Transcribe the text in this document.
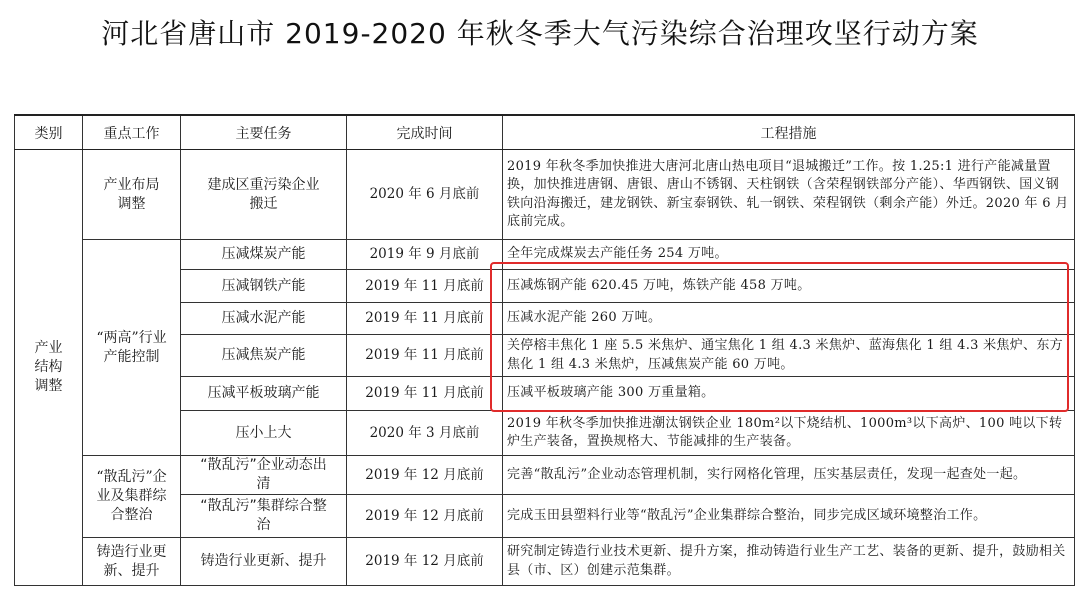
河北省唐山市 2019-2020 年秋冬季大气污染综合治理攻坚行动方案
类别	重点工作	主要任务	完成时间	工程措施
产业结构调整	产业布局调整	建成区重污染企业搬迁	2020 年 6 月底前	2019 年秋冬季加快推进大唐河北唐山热电项目“退城搬迁”工作。按 1.25:1 进行产能减量置换，加快推进唐钢、唐银、唐山不锈钢、天柱钢铁（含荣程钢铁部分产能）、华西钢铁、国义钢铁向沿海搬迁，建龙钢铁、新宝泰钢铁、轧一钢铁、荣程钢铁（剩余产能）外迁。2020 年 6 月底前完成。
	“两高”行业产能控制	压减煤炭产能	2019 年 9 月底前	全年完成煤炭去产能任务 254 万吨。
		压减钢铁产能	2019 年 11 月底前	压减炼钢产能 620.45 万吨，炼铁产能 458 万吨。
		压减水泥产能	2019 年 11 月底前	压减水泥产能 260 万吨。
		压减焦炭产能	2019 年 11 月底前	关停榕丰焦化 1 座 5.5 米焦炉、通宝焦化 1 组 4.3 米焦炉、蓝海焦化 1 组 4.3 米焦炉、东方焦化 1 组 4.3 米焦炉，压减焦炭产能 60 万吨。
		压减平板玻璃产能	2019 年 11 月底前	压减平板玻璃产能 300 万重量箱。
		压小上大	2020 年 3 月底前	2019 年秋冬季加快推进潮汰钢铁企业 180m²以下烧结机、1000m³以下高炉、100 吨以下转炉生产装备，置换规格大、节能减排的生产装备。
	“散乱污”企业及集群综合整治	“散乱污”企业动态出清	2019 年 12 月底前	完善“散乱污”企业动态管理机制，实行网格化管理，压实基层责任，发现一起查处一起。
		“散乱污”集群综合整治	2019 年 12 月底前	完成玉田县塑料行业等“散乱污”企业集群综合整治，同步完成区域环境整治工作。
	铸造行业更新、提升	铸造行业更新、提升	2019 年 12 月底前	研究制定铸造行业技术更新、提升方案，推动铸造行业生产工艺、装备的更新、提升，鼓励相关县（市、区）创建示范集群。
